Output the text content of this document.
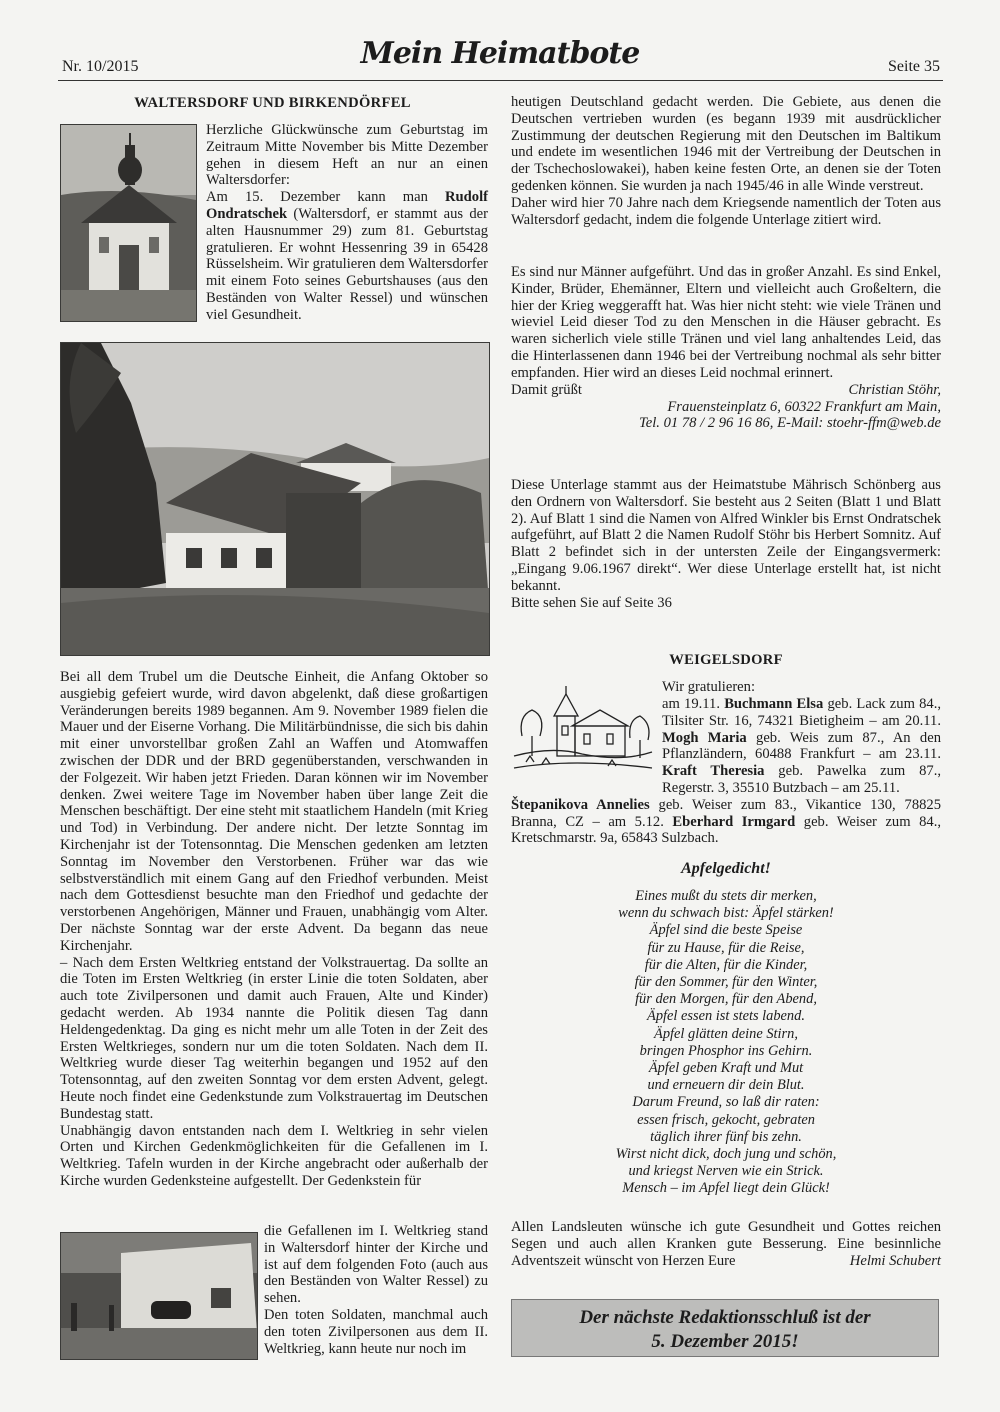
Nr. 10/2015	Mein Heimatbote	Seite 35
WALTERSDORF UND BIRKENDÖRFEL

Herzliche Glückwünsche zum Geburtstag im Zeitraum Mitte November bis Mitte Dezember gehen in diesem Heft an nur an einen Waltersdorfer:

Am 15. Dezember kann man Rudolf Ondratschek (Waltersdorf, er stammt aus der alten Hausnummer 29) zum 81. Geburtstag gratulieren. Er wohnt Hessenring 39 in 65428 Rüsselsheim. Wir gratulieren dem Waltersdorfer mit einem Foto seines Geburtshauses (aus den Beständen von Walter Ressel) und wünschen viel Gesundheit.

Bei all dem Trubel um die Deutsche Einheit, die Anfang Oktober so ausgiebig gefeiert wurde, wird davon abgelenkt, daß diese großartigen Veränderungen bereits 1989 begannen. Am 9. November 1989 fielen die Mauer und der Eiserne Vorhang. Die Militärbündnisse, die sich bis dahin mit einer unvorstellbar großen Zahl an Waffen und Atomwaffen zwischen der DDR und der BRD gegenüberstanden, verschwanden in der Folgezeit. Wir haben jetzt Frieden. Daran können wir im November denken. Zwei weitere Tage im November haben über lange Zeit die Menschen beschäftigt. Der eine steht mit staatlichem Handeln (mit Krieg und Tod) in Verbindung. Der andere nicht. Der letzte Sonntag im Kirchenjahr ist der Totensonntag. Die Menschen gedenken am letzten Sonntag im November den Verstorbenen. Früher war das wie selbstverständlich mit einem Gang auf den Friedhof verbunden. Meist nach dem Gottesdienst besuchte man den Friedhof und gedachte der verstorbenen Angehörigen, Männer und Frauen, unabhängig vom Alter. Der nächste Sonntag war der erste Advent. Da begann das neue Kirchenjahr.

– Nach dem Ersten Weltkrieg entstand der Volkstrauertag. Da sollte an die Toten im Ersten Weltkrieg (in erster Linie die toten Soldaten, aber auch tote Zivilpersonen und damit auch Frauen, Alte und Kinder) gedacht werden. Ab 1934 nannte die Politik diesen Tag dann Heldengedenktag. Da ging es nicht mehr um alle Toten in der Zeit des Ersten Weltkrieges, sondern nur um die toten Soldaten. Nach dem II. Weltkrieg wurde dieser Tag weiterhin begangen und 1952 auf den Totensonntag, auf den zweiten Sonntag vor dem ersten Advent, gelegt. Heute noch findet eine Gedenkstunde zum Volkstrauertag im Deutschen Bundestag statt.

Unabhängig davon entstanden nach dem I. Weltkrieg in sehr vielen Orten und Kirchen Gedenkmöglichkeiten für die Gefallenen im I. Weltkrieg. Tafeln wurden in der Kirche angebracht oder außerhalb der Kirche wurden Gedenksteine aufgestellt. Der Gedenkstein für

die Gefallenen im I. Weltkrieg stand in Waltersdorf hinter der Kirche und ist auf dem folgenden Foto (auch aus den Beständen von Walter Ressel) zu sehen.

Den toten Soldaten, manchmal auch den toten Zivilpersonen aus dem II. Weltkrieg, kann heute nur noch im

heutigen Deutschland gedacht werden. Die Gebiete, aus denen die Deutschen vertrieben wurden (es begann 1939 mit ausdrücklicher Zustimmung der deutschen Regierung mit den Deutschen im Baltikum und endete im wesentlichen 1946 mit der Vertreibung der Deutschen in der Tschechoslowakei), haben keine festen Orte, an denen sie der Toten gedenken können. Sie wurden ja nach 1945/46 in alle Winde verstreut.

Daher wird hier 70 Jahre nach dem Kriegsende namentlich der Toten aus Waltersdorf gedacht, indem die folgende Unterlage zitiert wird.

Es sind nur Männer aufgeführt. Und das in großer Anzahl. Es sind Enkel, Kinder, Brüder, Ehemänner, Eltern und vielleicht auch Großeltern, die hier der Krieg weggerafft hat. Was hier nicht steht: wie viele Tränen und wieviel Leid dieser Tod zu den Menschen in die Häuser gebracht. Es waren sicherlich viele stille Tränen und viel lang anhaltendes Leid, das die Hinterlassenen dann 1946 bei der Vertreibung nochmal als sehr bitter empfanden. Hier wird an dieses Leid nochmal erinnert.

Damit grüßt	Christian Stöhr,

Frauensteinplatz 6, 60322 Frankfurt am Main,

Tel. 01 78 / 2 96 16 86, E-Mail: stoehr-ffm@web.de

Diese Unterlage stammt aus der Heimatstube Mährisch Schönberg aus den Ordnern von Waltersdorf. Sie besteht aus 2 Seiten (Blatt 1 und Blatt 2). Auf Blatt 1 sind die Namen von Alfred Winkler bis Ernst Ondratschek aufgeführt, auf Blatt 2 die Namen Rudolf Stöhr bis Herbert Somnitz. Auf Blatt 2 befindet sich in der untersten Zeile der Eingangsvermerk: „Eingang 9.06.1967 direkt“. Wer diese Unterlage erstellt hat, ist nicht bekannt.

Bitte sehen Sie auf Seite 36

WEIGELSDORF

Wir gratulieren:

am 19.11. Buchmann Elsa geb. Lack zum 84., Tilsiter Str. 16, 74321 Bietigheim – am 20.11. Mogh Maria geb. Weis zum 87., An den Pflanzländern, 60488 Frankfurt – am 23.11. Kraft Theresia geb. Pawelka zum 87., Regerstr. 3, 35510 Butzbach – am 25.11.
Štepanikova Annelies geb. Weiser zum 83., Vikantice 130, 78825 Branna, CZ – am 5.12. Eberhard Irmgard geb. Weiser zum 84., Kretschmarstr. 9a, 65843 Sulzbach.
Apfelgedicht!
Eines mußt du stets dir merken,
wenn du schwach bist: Äpfel stärken!
Äpfel sind die beste Speise
für zu Hause, für die Reise,
für die Alten, für die Kinder,
für den Sommer, für den Winter,
für den Morgen, für den Abend,
Äpfel essen ist stets labend.
Äpfel glätten deine Stirn,
bringen Phosphor ins Gehirn.
Äpfel geben Kraft und Mut
und erneuern dir dein Blut.
Darum Freund, so laß dir raten:
essen frisch, gekocht, gebraten
täglich ihrer fünf bis zehn.
Wirst nicht dick, doch jung und schön,
und kriegst Nerven wie ein Strick.
Mensch – im Apfel liegt dein Glück!
Allen Landsleuten wünsche ich gute Gesundheit und Gottes reichen Segen und auch allen Kranken gute Besserung. Eine besinnliche Adventszeit wünscht von Herzen Eure	Helmi Schubert
Der nächste Redaktionsschluß ist der
5. Dezember 2015!
